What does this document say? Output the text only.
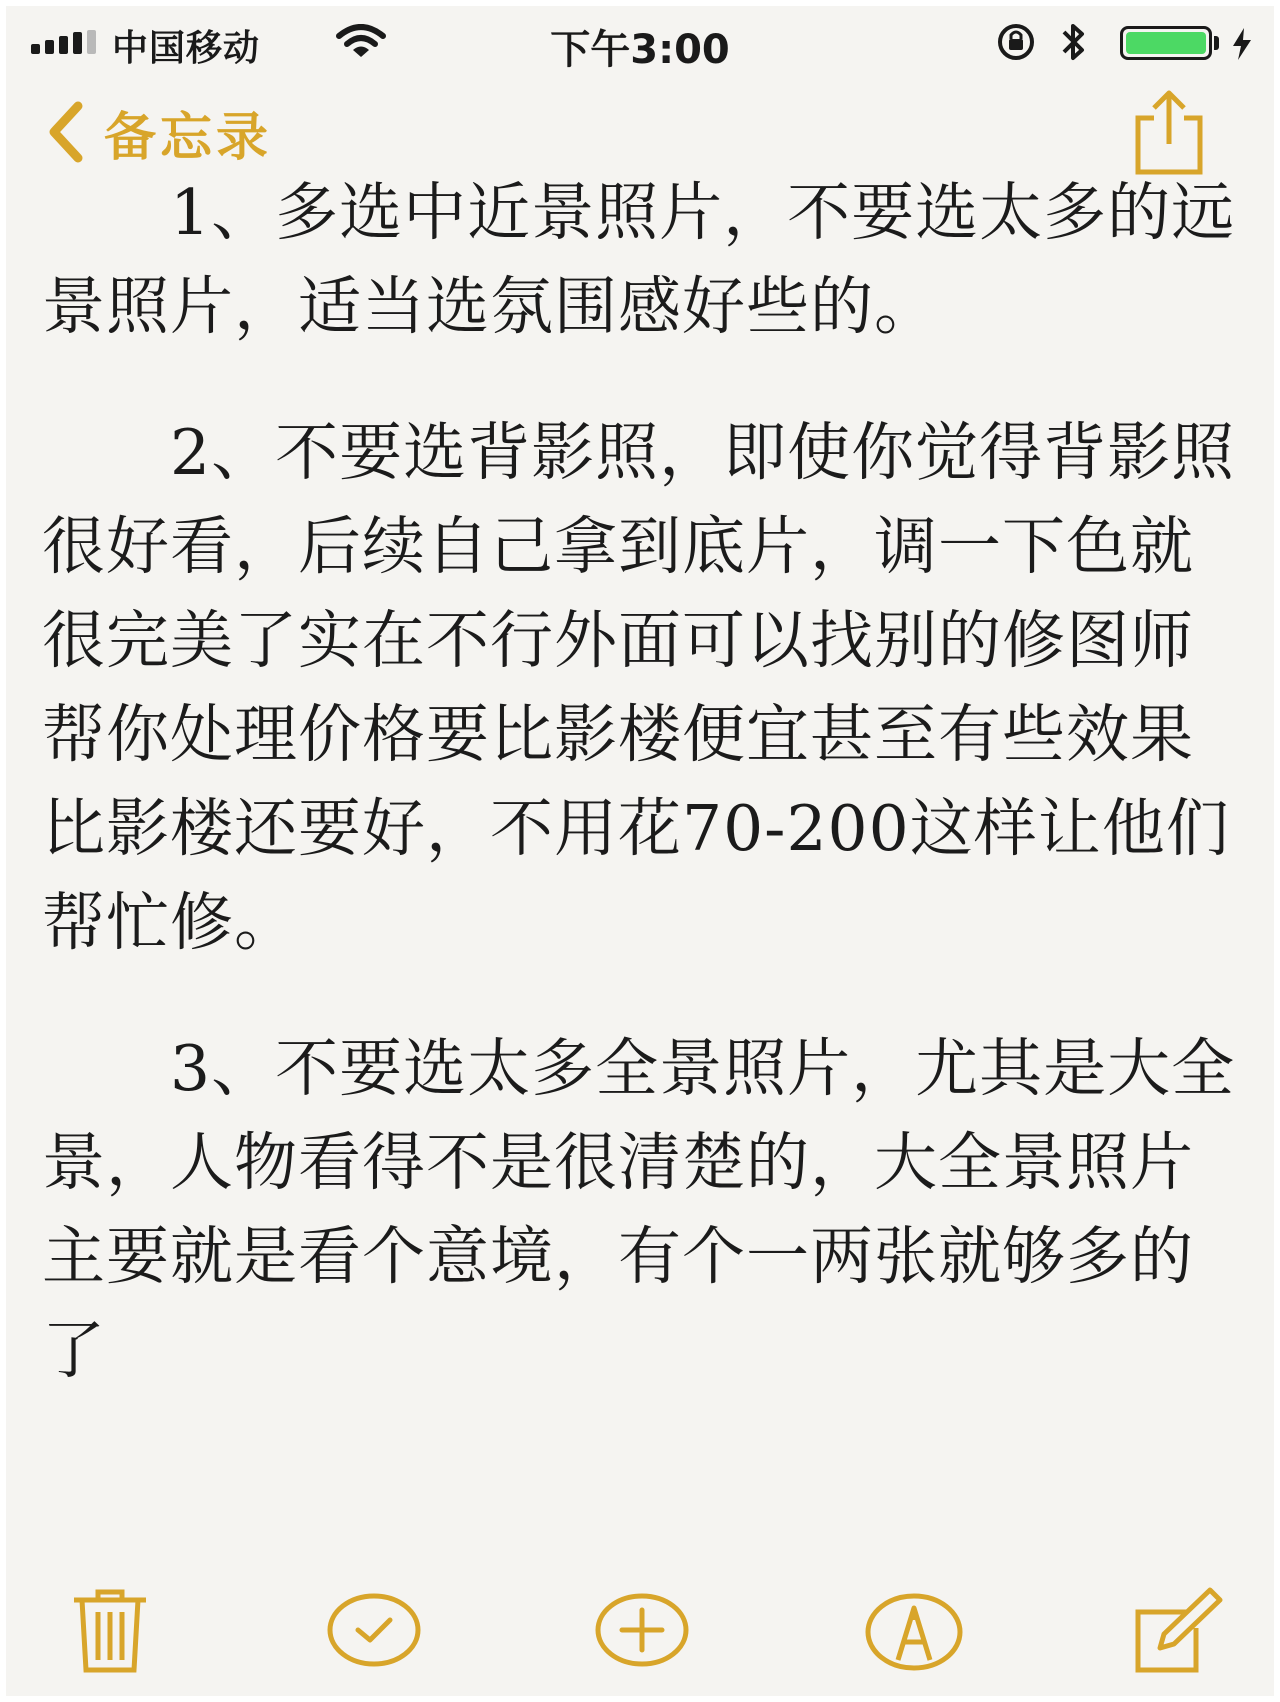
中国移动	下午3:00
备忘录

1、多选中近景照片，不要选太多的远景照片，适当选氛围感好些的。

2、不要选背影照，即使你觉得背影照很好看，后续自己拿到底片，调一下色就很完美了实在不行外面可以找别的修图师帮你处理价格要比影楼便宜甚至有些效果比影楼还要好，不用花70-200这样让他们帮忙修。

3、不要选太多全景照片，尤其是大全景，人物看得不是很清楚的，大全景照片主要就是看个意境，有个一两张就够多的了
